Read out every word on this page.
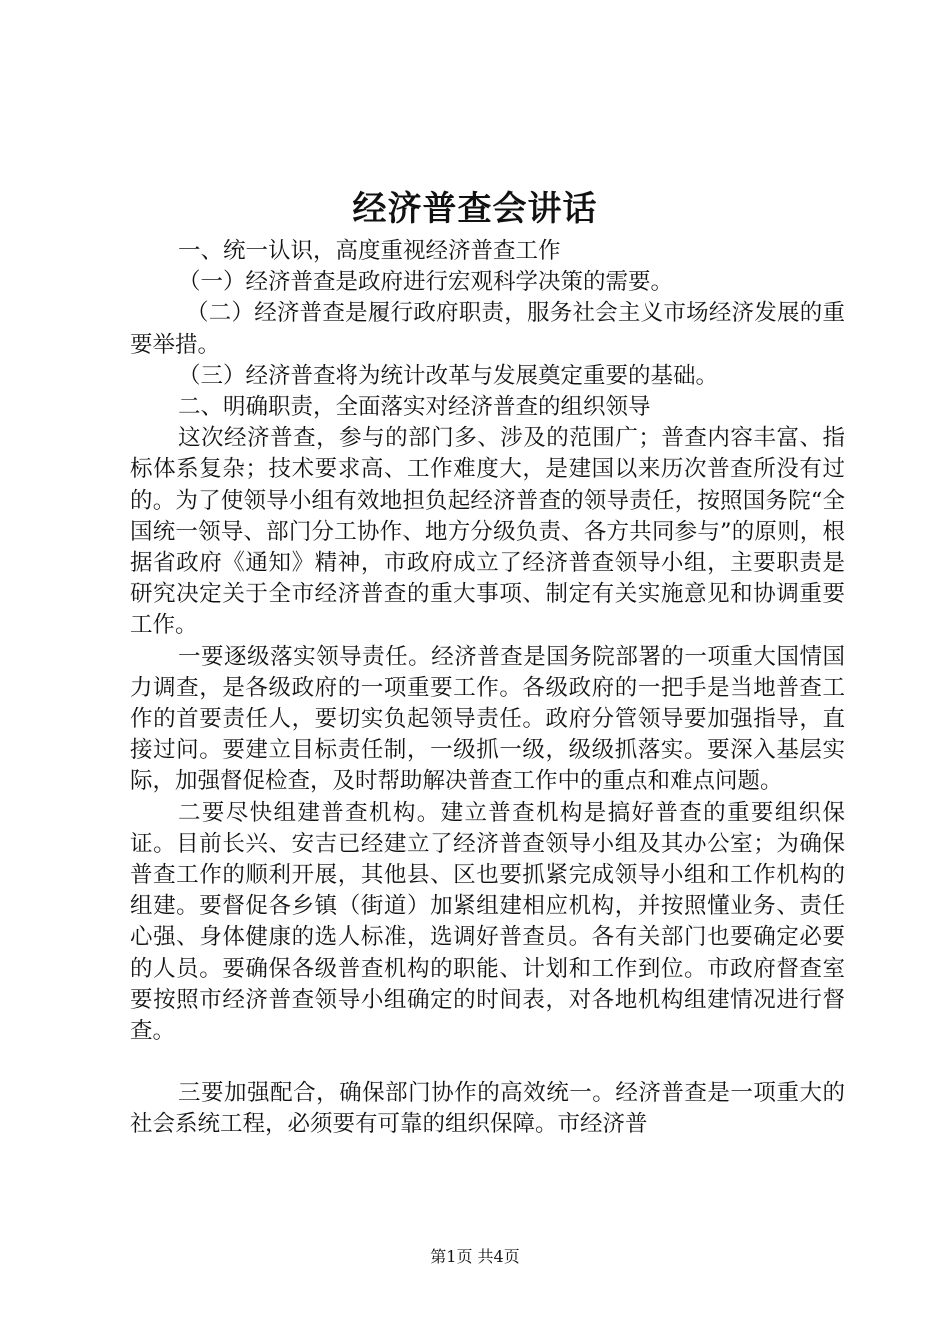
经济普查会讲话

一、统一认识，高度重视经济普查工作

（一）经济普查是政府进行宏观科学决策的需要。

（二）经济普查是履行政府职责，服务社会主义市场经济发展的重要举措。

（三）经济普查将为统计改革与发展奠定重要的基础。

二、明确职责，全面落实对经济普查的组织领导

这次经济普查，参与的部门多、涉及的范围广；普查内容丰富、指标体系复杂；技术要求高、工作难度大，是建国以来历次普查所没有过的。为了使领导小组有效地担负起经济普查的领导责任，按照国务院“全国统一领导、部门分工协作、地方分级负责、各方共同参与”的原则，根据省政府《通知》精神，市政府成立了经济普查领导小组，主要职责是研究决定关于全市经济普查的重大事项、制定有关实施意见和协调重要工作。

一要逐级落实领导责任。经济普查是国务院部署的一项重大国情国力调查，是各级政府的一项重要工作。各级政府的一把手是当地普查工作的首要责任人，要切实负起领导责任。政府分管领导要加强指导，直接过问。要建立目标责任制，一级抓一级，级级抓落实。要深入基层实际，加强督促检查，及时帮助解决普查工作中的重点和难点问题。

二要尽快组建普查机构。建立普查机构是搞好普查的重要组织保证。目前长兴、安吉已经建立了经济普查领导小组及其办公室；为确保普查工作的顺利开展，其他县、区也要抓紧完成领导小组和工作机构的组建。要督促各乡镇（街道）加紧组建相应机构，并按照懂业务、责任心强、身体健康的选人标准，选调好普查员。各有关部门也要确定必要的人员。要确保各级普查机构的职能、计划和工作到位。市政府督查室要按照市经济普查领导小组确定的时间表，对各地机构组建情况进行督查。

三要加强配合，确保部门协作的高效统一。经济普查是一项重大的社会系统工程，必须要有可靠的组织保障。市经济普

第1页 共4页
